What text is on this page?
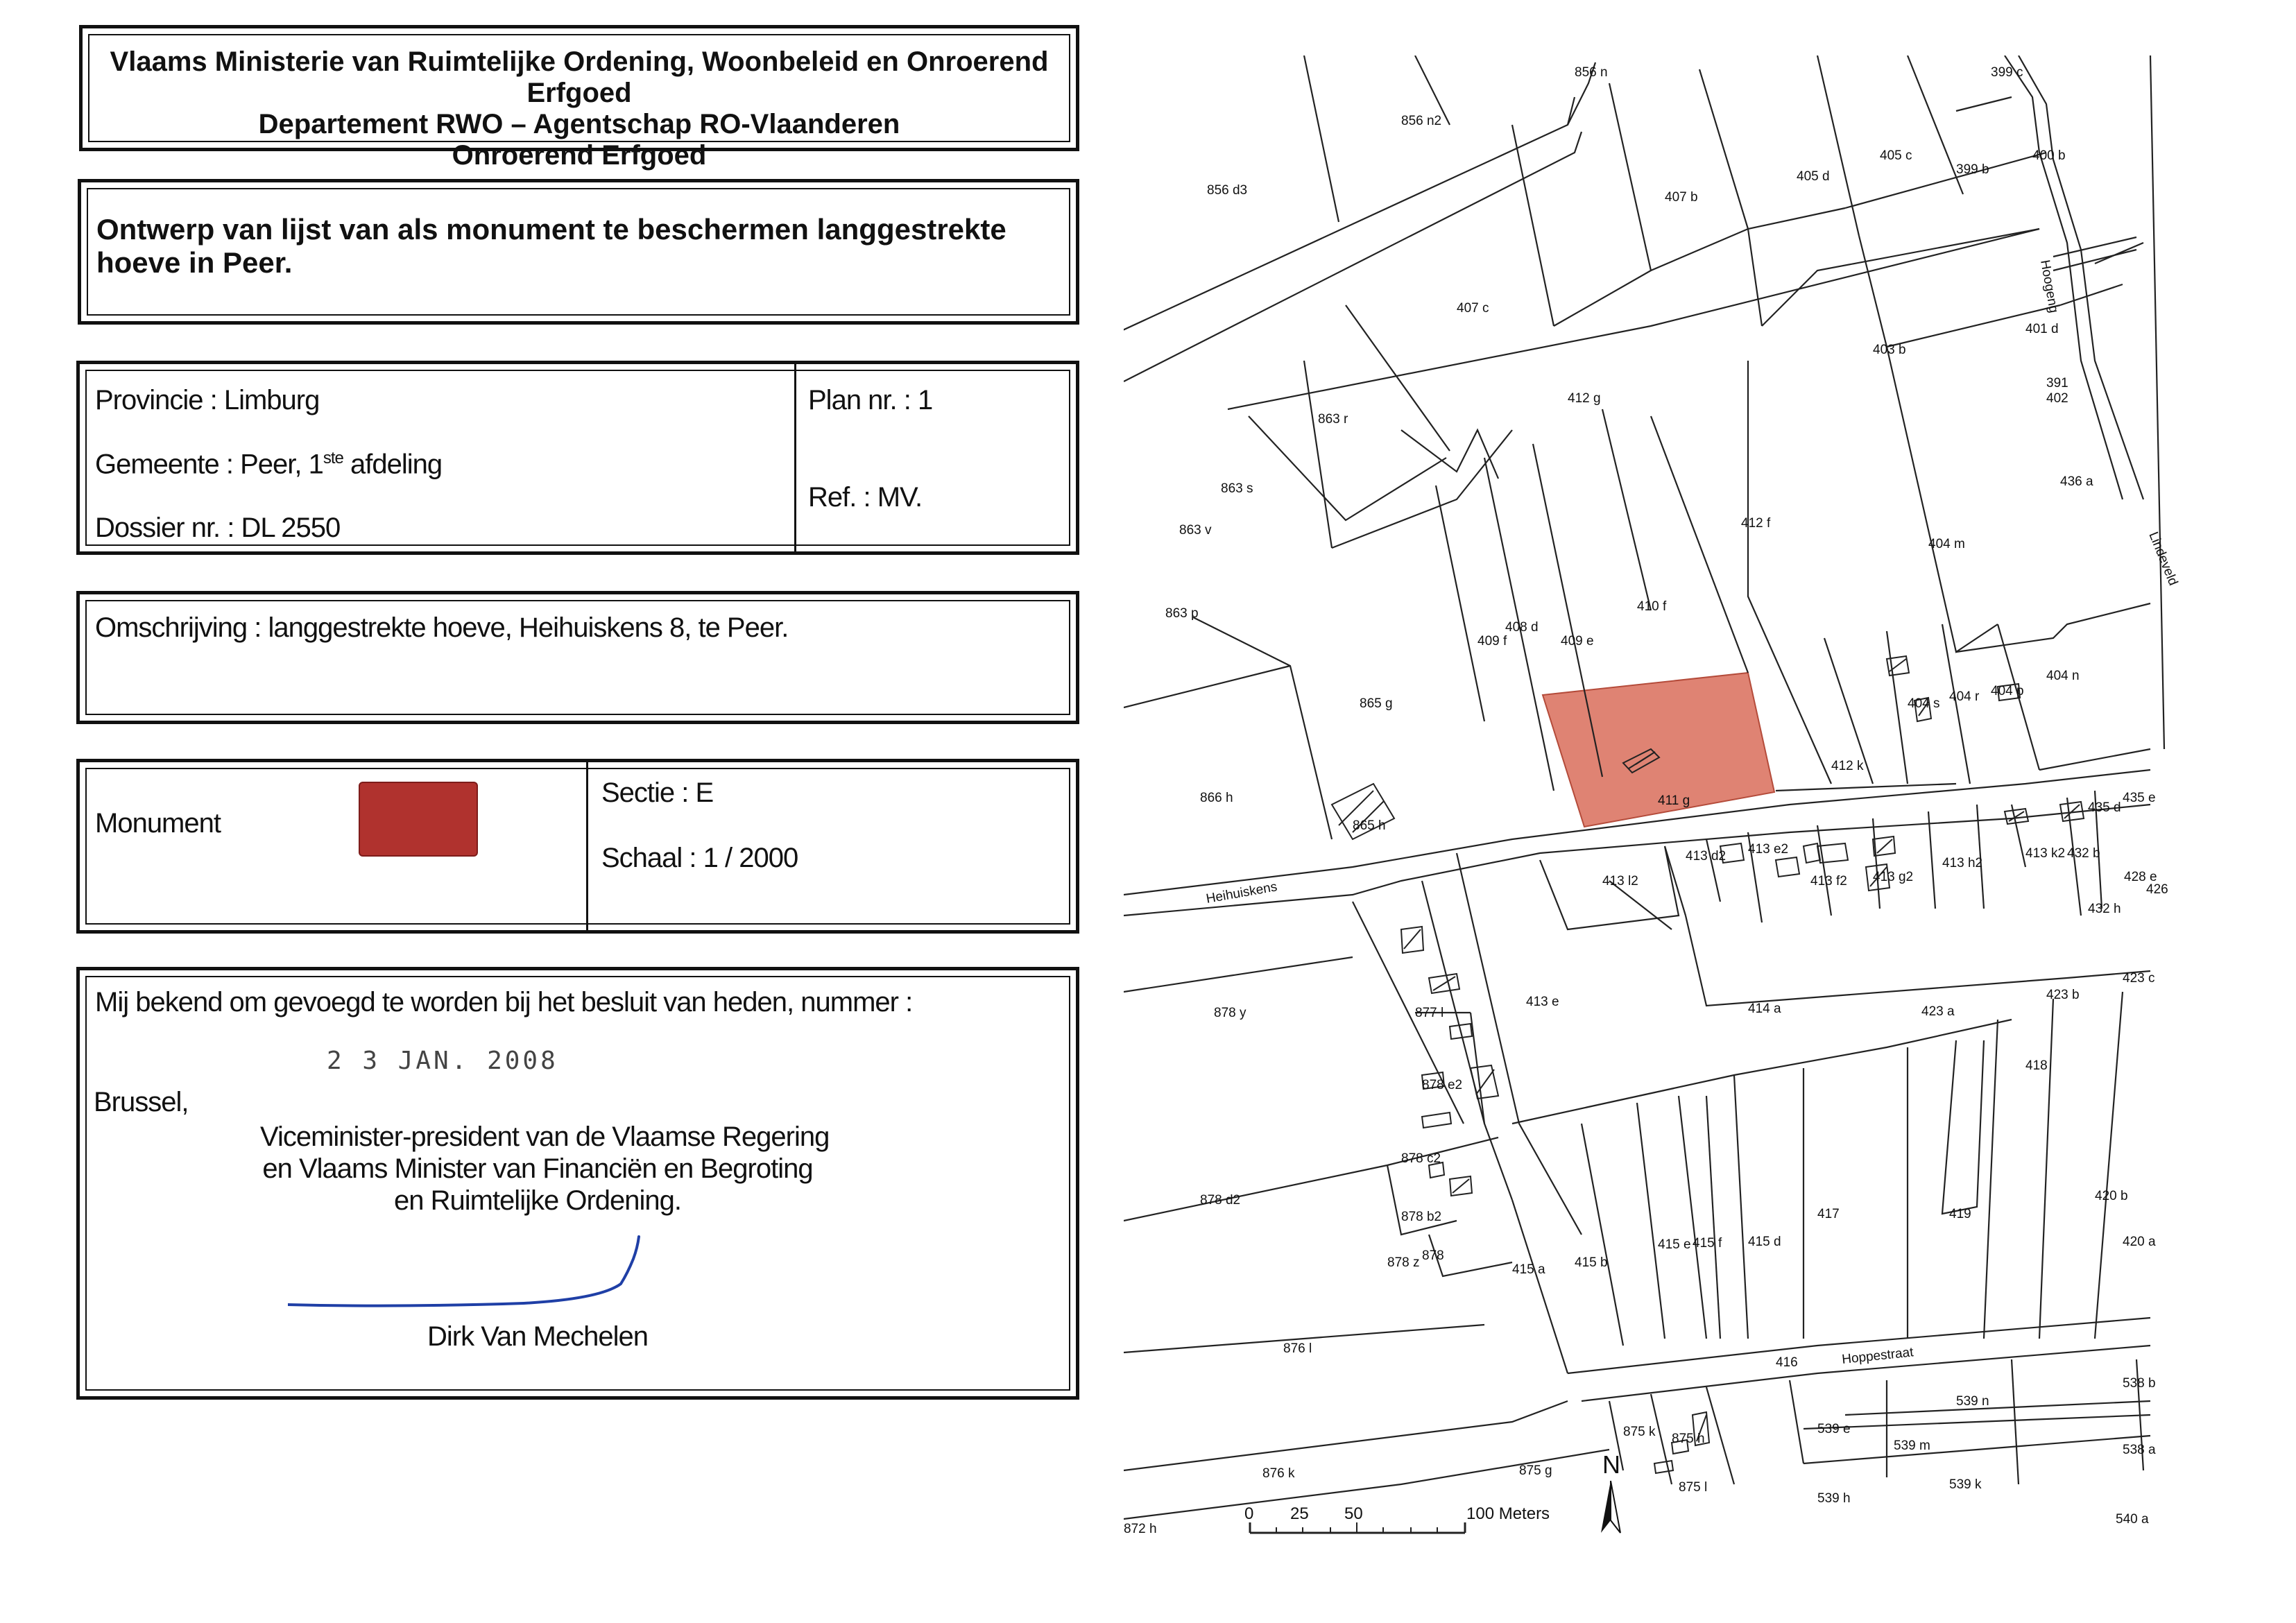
Vlaams Ministerie van Ruimtelijke Ordening, Woonbeleid en Onroerend Erfgoed
Departement RWO – Agentschap RO-Vlaanderen
Onroerend Erfgoed
Ontwerp van lijst van als monument te beschermen langgestrekte hoeve in Peer.
Provincie : Limburg
Gemeente : Peer, 1ste afdeling
Dossier nr. : DL 2550
Plan nr. : 1
Ref. : MV.
Omschrijving : langgestrekte hoeve, Heihuiskens 8, te Peer.
Monument
Sectie : E
Schaal : 1 / 2000
Mij bekend om gevoegd te worden bij het besluit van heden, nummer :
2 3 JAN. 2008
Brussel,
Viceminister-president van de Vlaamse Regering
en Vlaams Minister van Financiën en Begroting
en Ruimtelijke Ordening.
Dirk Van Mechelen
856 n
856 n2
856 d3	407 b
405 d
405 c
399 c
399 b
400 b
407 c
863 r
412 g
403 b
401 d
391
402
863 s
412 f
436 a
863 v
404 m
410 f
863 p
408 d
409 f	409 e
404 n
865 g	404 s 404 r 404 p
412 k
866 h	411 g	435 e
865 h
413 e2
435 d
413 d2
413 f2 413 g2
413 h2
413 k2 432 b
428 e
426
413 l2
432 h
878 y
413 e	414 a	423 a
423 b
423 c
877 l
418
878 e2
878 c2
878 d2
417	419
420 b
878 b2
415 f 415 d
415 e	420 a
878 z 878	415 b
415 a
876 l
416
538 b
539 n
875 k 875 h
539 e
539 m	538 a
876 k	875 g
539 k
875 l
539 h
540 a
872 h
Heihuiskens
Hoogeng
Lindeveld
Hoppestraat
0 25 50	100 Meters
N
